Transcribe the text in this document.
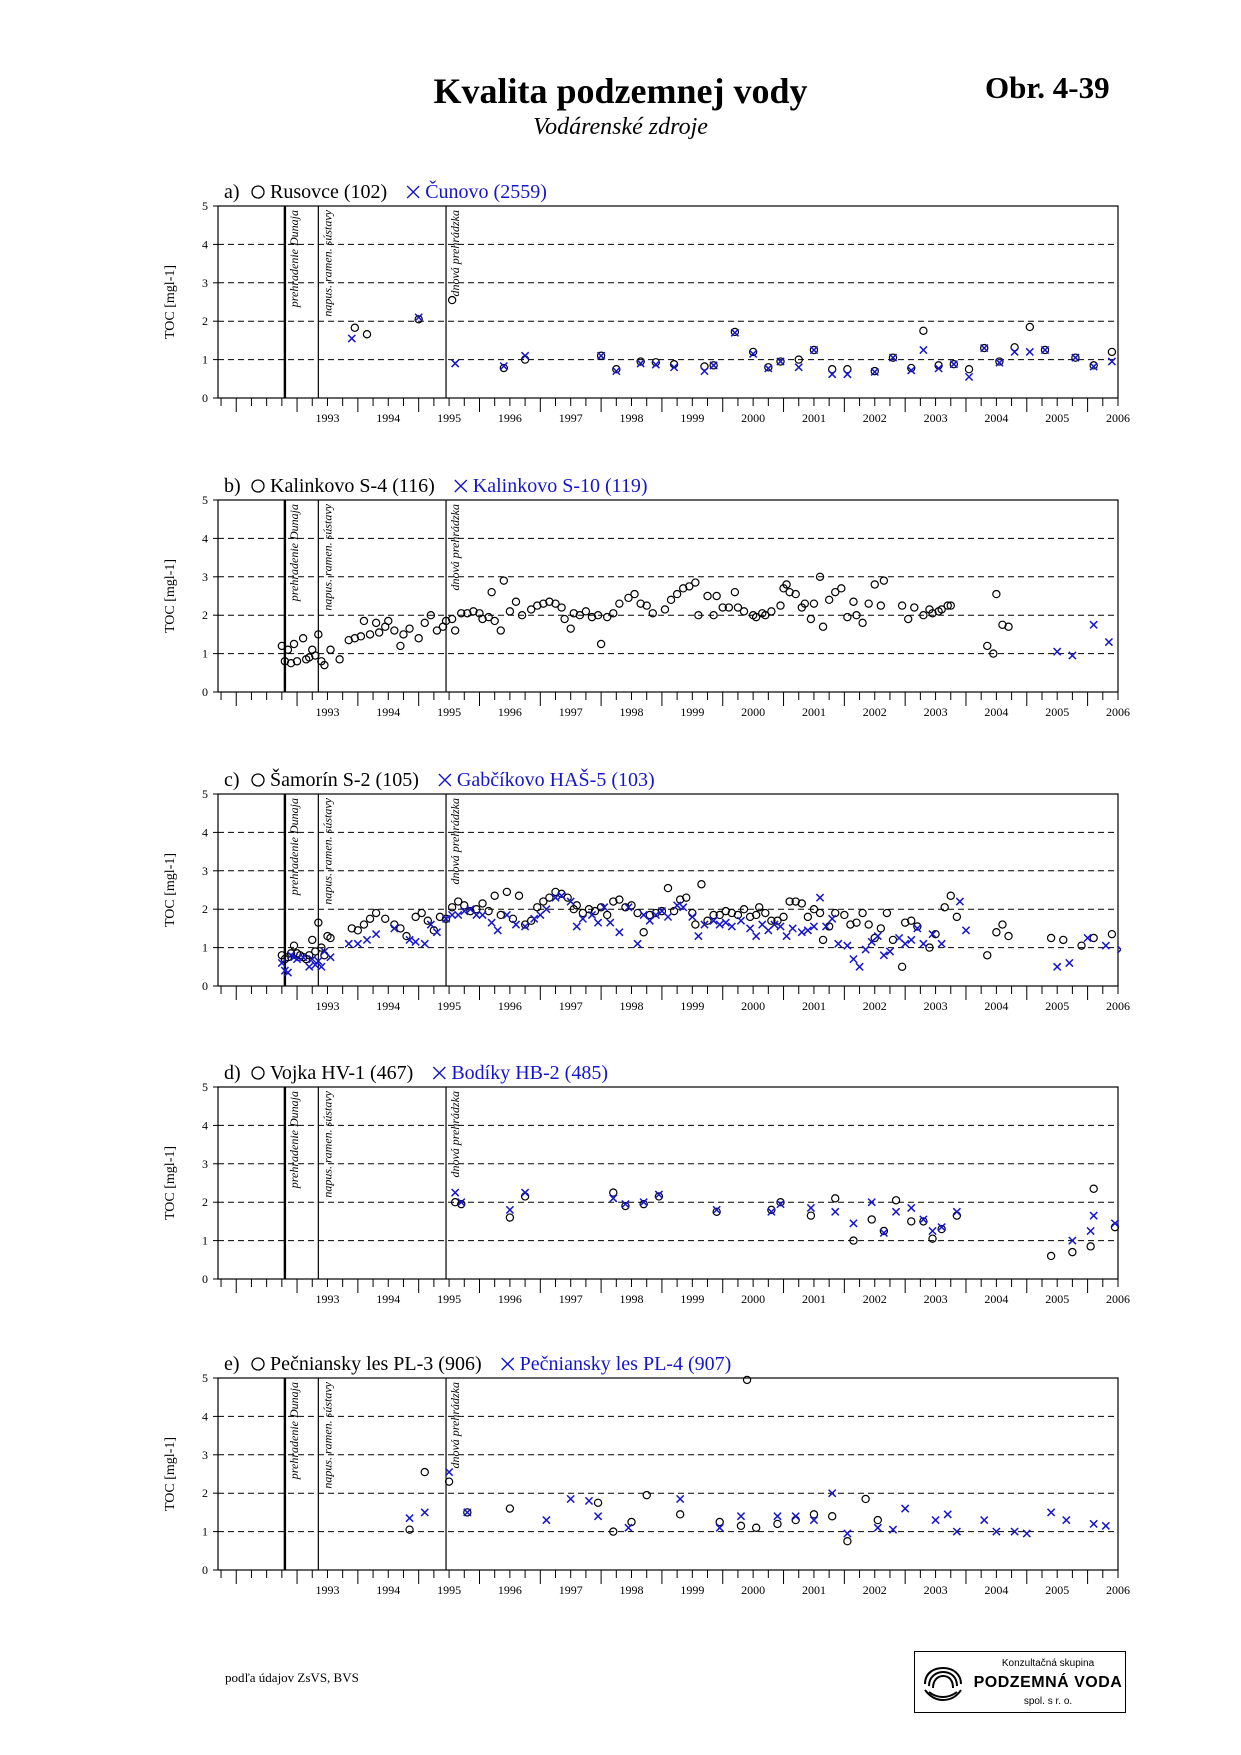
Kvalita podzemnej vody
Vodárenské zdroje
Obr. 4-39
0
1
2
3
4
5
TOC [mgl-1]
1993	1994	1995	1996	1997	1998	1999	2000	2001	2002	2003	2004	2005	2006
prehradenie Dunaja napus. ramen. sústavy	dnová prehrádzka
a) Rusovce (102) Čunovo (2559)
0
1
2
3
4
5
TOC [mgl-1]
1993	1994	1995	1996	1997	1998	1999	2000	2001	2002	2003	2004	2005	2006
prehradenie Dunaja napus. ramen. sústavy	dnová prehrádzka
b) Kalinkovo S-4 (116) Kalinkovo S-10 (119)
0
1
2
3
4
5
TOC [mgl-1]
1993	1994	1995	1996	1997	1998	1999	2000	2001	2002	2003	2004	2005	2006
prehradenie Dunaja napus. ramen. sústavy	dnová prehrádzka
c) Šamorín S-2 (105) Gabčíkovo HAŠ-5 (103)
0
1
2
3
4
5
TOC [mgl-1]
1993	1994	1995	1996	1997	1998	1999	2000	2001	2002	2003	2004	2005	2006
prehradenie Dunaja napus. ramen. sústavy	dnová prehrádzka
d) Vojka HV-1 (467) Bodíky HB-2 (485)
0
1
2
3
4
5
TOC [mgl-1]
1993	1994	1995	1996	1997	1998	1999	2000	2001	2002	2003	2004	2005	2006
prehradenie Dunaja napus. ramen. sústavy	dnová prehrádzka
e) Pečniansky les PL-3 (906) Pečniansky les PL-4 (907)
podľa údajov ZsVS, BVS
Konzultačná skupina
PODZEMNÁ VODA
spol. s r. o.
